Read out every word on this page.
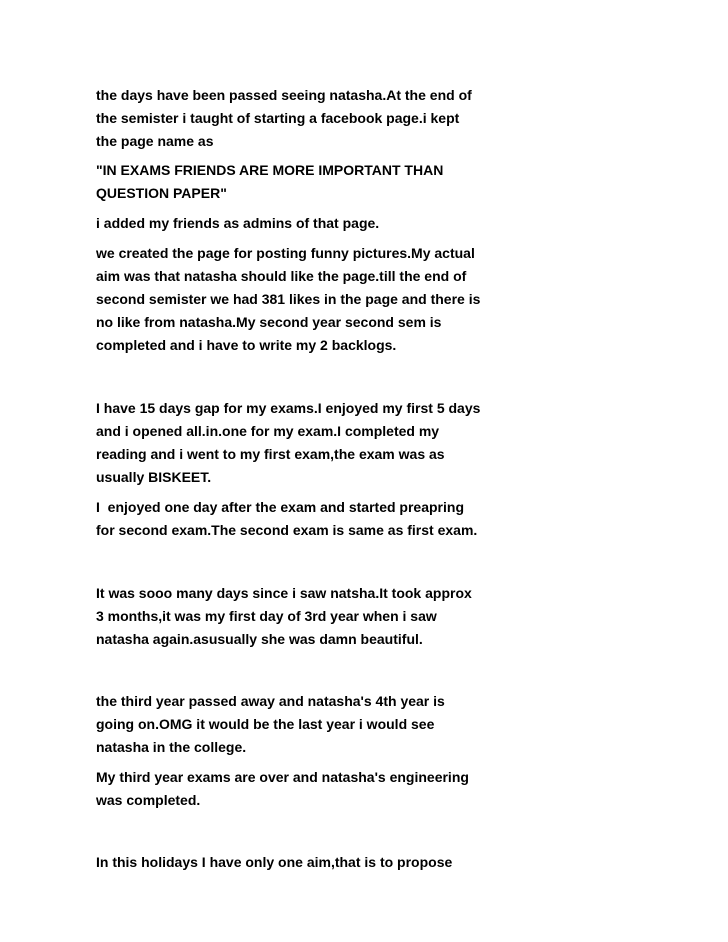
the days have been passed seeing natasha.At the end of

the semister i taught of starting a facebook page.i kept

the page name as

"IN EXAMS FRIENDS ARE MORE IMPORTANT THAN

QUESTION PAPER"

i added my friends as admins of that page.

we created the page for posting funny pictures.My actual

aim was that natasha should like the page.till the end of

second semister we had 381 likes in the page and there is

no like from natasha.My second year second sem is

completed and i have to write my 2 backlogs.

I have 15 days gap for my exams.I enjoyed my first 5 days

and i opened all.in.one for my exam.I completed my

reading and i went to my first exam,the exam was as

usually BISKEET.

I  enjoyed one day after the exam and started preapring

for second exam.The second exam is same as first exam.

It was sooo many days since i saw natsha.It took approx

3 months,it was my first day of 3rd year when i saw

natasha again.asusually she was damn beautiful.

the third year passed away and natasha's 4th year is

going on.OMG it would be the last year i would see

natasha in the college.

My third year exams are over and natasha's engineering

was completed.

In this holidays I have only one aim,that is to propose
